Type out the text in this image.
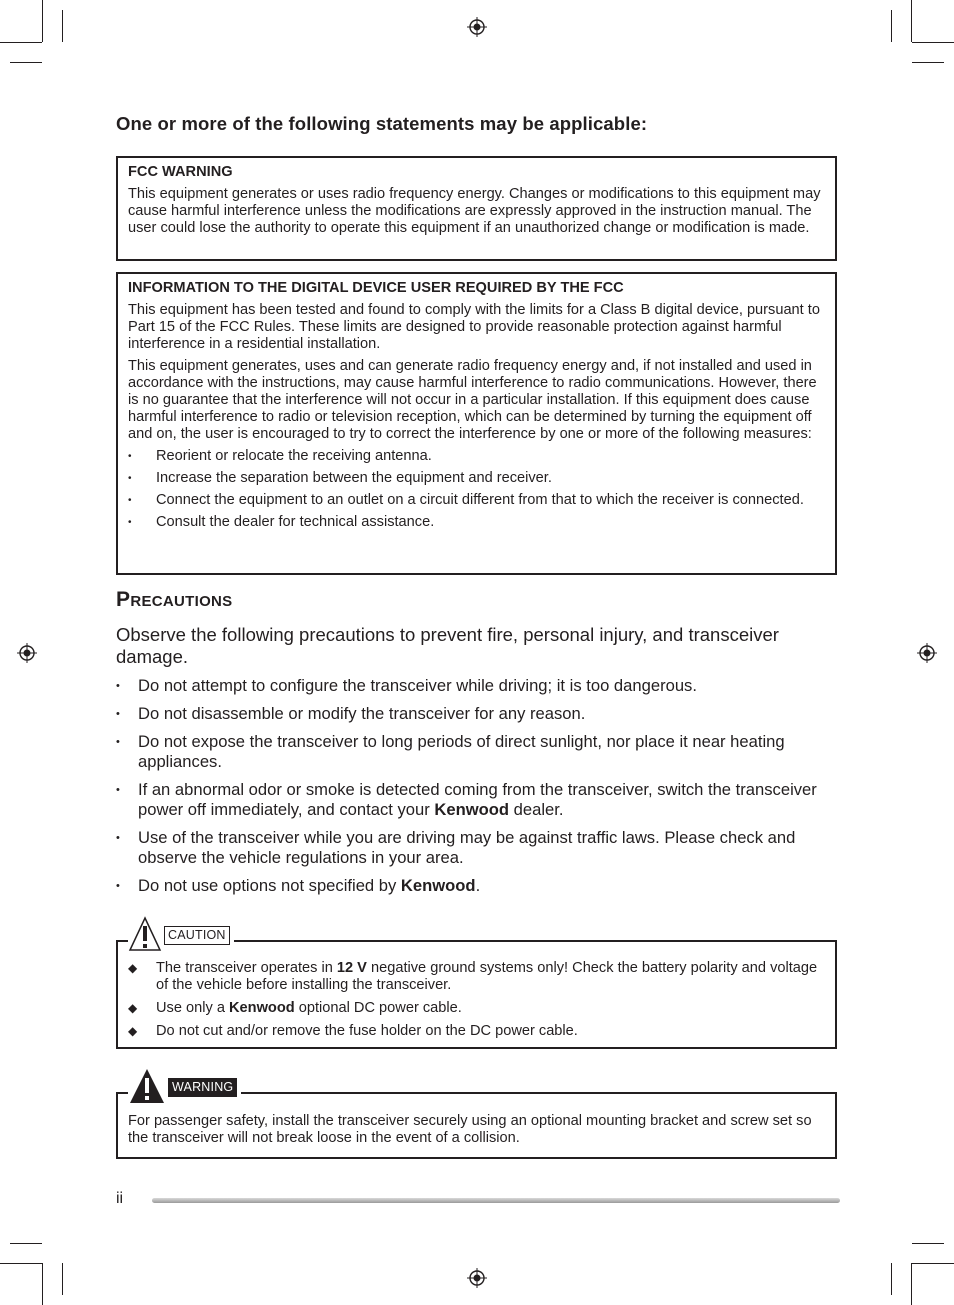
One or more of the following statements may be applicable:
FCC WARNING

This equipment generates or uses radio frequency energy. Changes or modifications to this equipment may cause harmful interference unless the modifications are expressly approved in the instruction manual. The user could lose the authority to operate this equipment if an unauthorized change or modification is made.

INFORMATION TO THE DIGITAL DEVICE USER REQUIRED BY THE FCC

This equipment has been tested and found to comply with the limits for a Class B digital device, pursuant to Part 15 of the FCC Rules. These limits are designed to provide reasonable protection against harmful interference in a residential installation.

This equipment generates, uses and can generate radio frequency energy and, if not installed and used in accordance with the instructions, may cause harmful interference to radio communications. However, there is no guarantee that the interference will not occur in a particular installation. If this equipment does cause harmful interference to radio or television reception, which can be determined by turning the equipment off and on, the user is encouraged to try to correct the interference by one or more of the following measures:

• Reorient or relocate the receiving antenna.
• Increase the separation between the equipment and receiver.
• Connect the equipment to an outlet on a circuit different from that to which the receiver is connected.
• Consult the dealer for technical assistance.
PRECAUTIONS
Observe the following precautions to prevent fire, personal injury, and transceiver damage.
• Do not attempt to configure the transceiver while driving; it is too dangerous.
• Do not disassemble or modify the transceiver for any reason.
• Do not expose the transceiver to long periods of direct sunlight, nor place it near heating appliances.
• If an abnormal odor or smoke is detected coming from the transceiver, switch the transceiver power off immediately, and contact your Kenwood dealer.
• Use of the transceiver while you are driving may be against traffic laws. Please check and observe the vehicle regulations in your area.
• Do not use options not specified by Kenwood.
CAUTION
◆ The transceiver operates in 12 V negative ground systems only! Check the battery polarity and voltage of the vehicle before installing the transceiver.
◆ Use only a Kenwood optional DC power cable.
◆ Do not cut and/or remove the fuse holder on the DC power cable.
WARNING
For passenger safety, install the transceiver securely using an optional mounting bracket and screw set so the transceiver will not break loose in the event of a collision.
ii
